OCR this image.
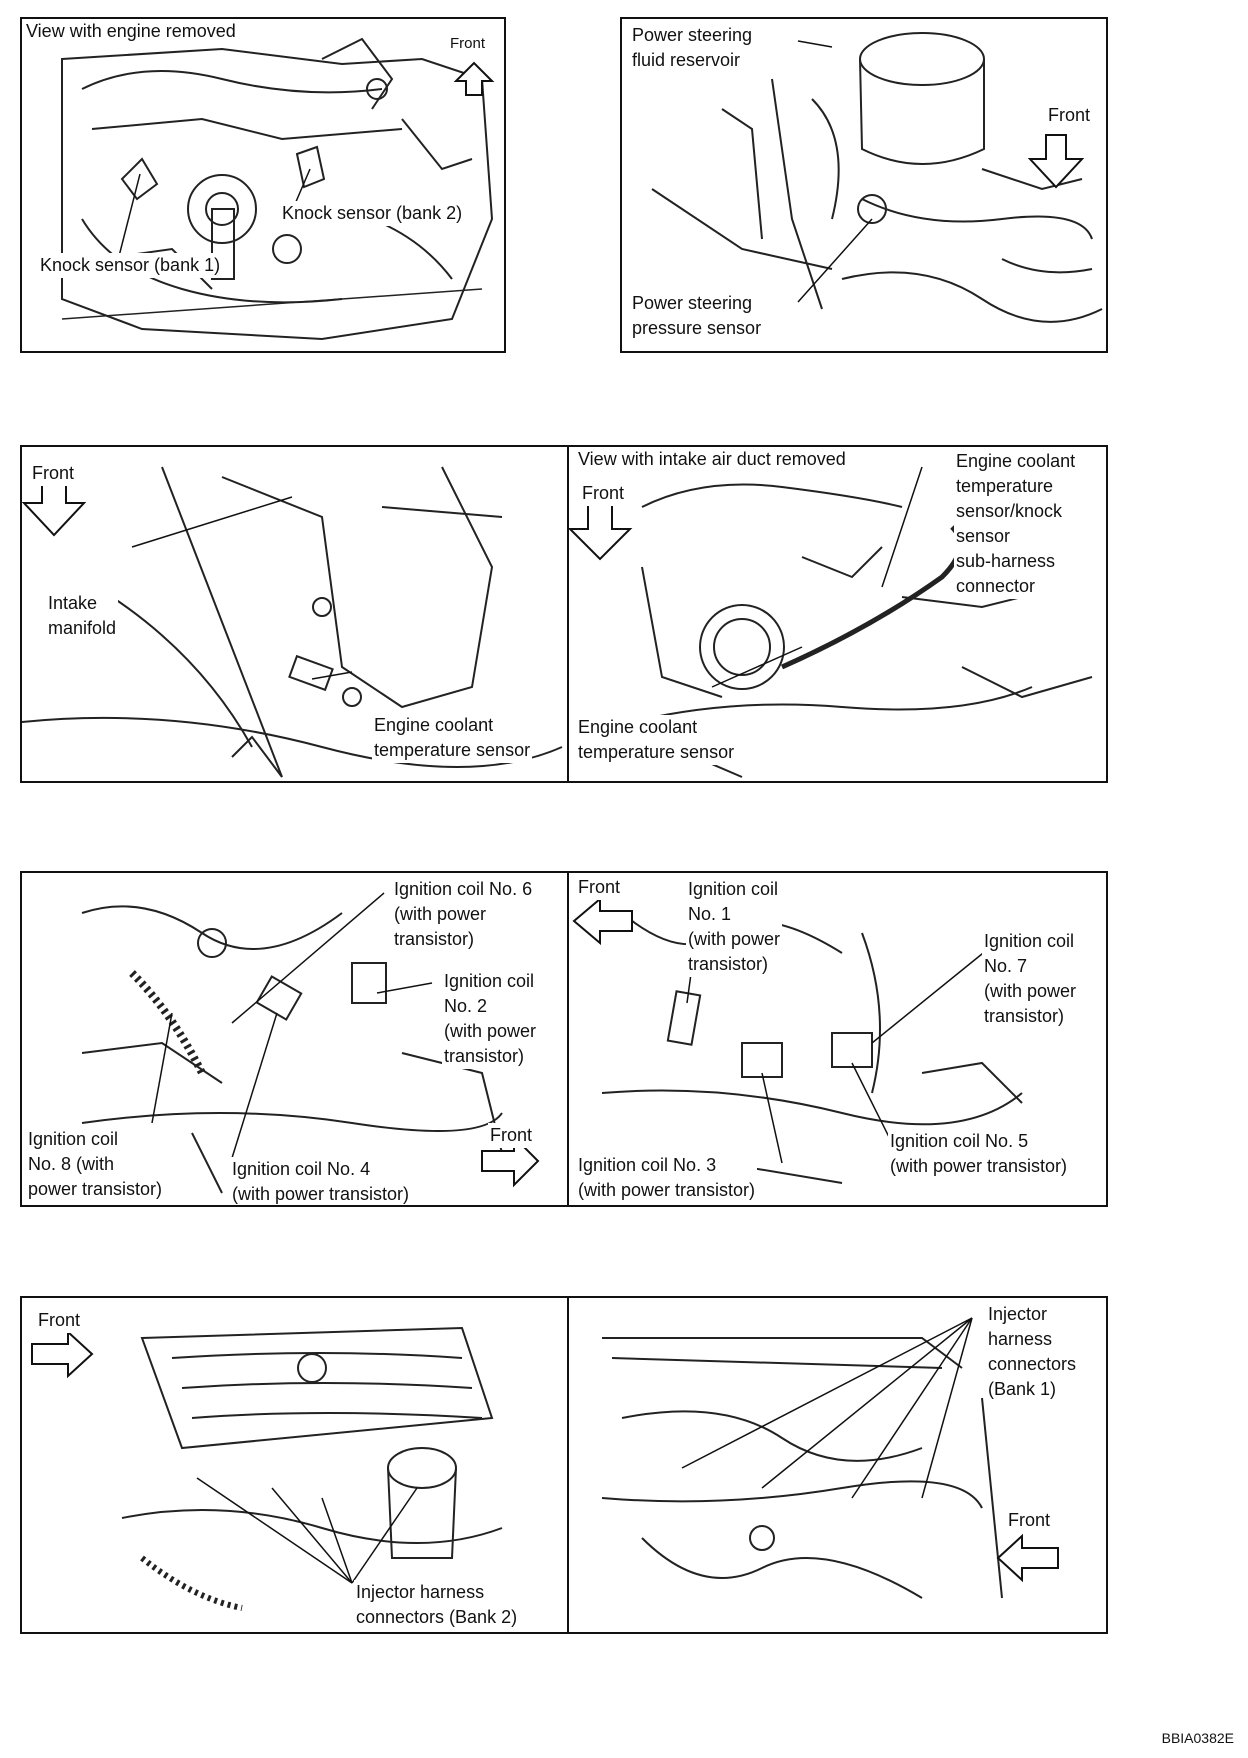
View with engine removed
Front
Knock sensor (bank 2)
Knock sensor (bank 1)
Power steering
fluid reservoir
Front
Power steering
pressure sensor
Front
Intake
manifold
Engine coolant
temperature sensor
View with intake air duct removed
Front
Engine coolant
temperature
sensor/knock
sensor
sub-harness
connector
Engine coolant
temperature sensor
Ignition coil No. 6
(with power
transistor)
Ignition coil
No. 2
(with power
transistor)
Ignition coil
No. 8 (with
power transistor)
Ignition coil No. 4
(with power transistor)
Front
Front	Ignition coil
No. 1
(with power
transistor)
Ignition coil
No. 7
(with power
transistor)
Ignition coil No. 3
(with power transistor)
Ignition coil No. 5
(with power transistor)
Front
Injector harness
connectors (Bank 2)
Injector
harness
connectors
(Bank 1)
Front
BBIA0382E
